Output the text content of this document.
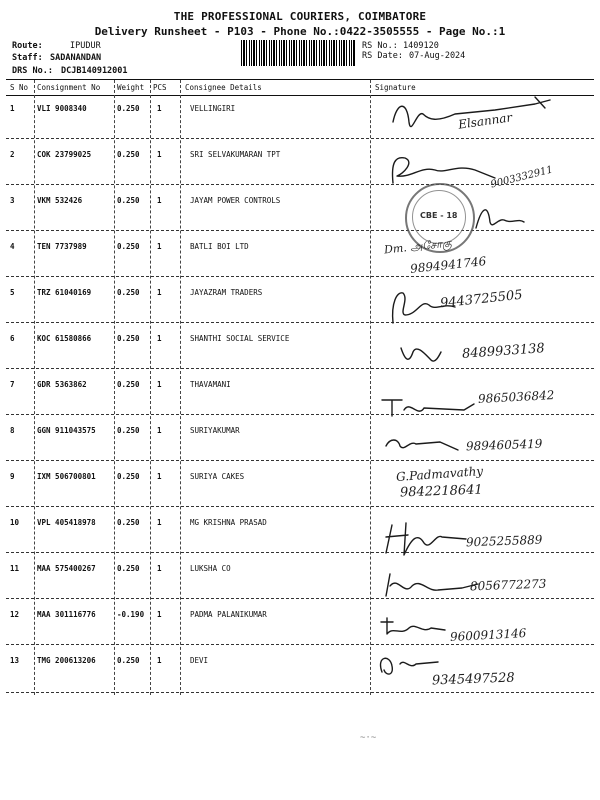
THE PROFESSIONAL COURIERS, COIMBATORE
Delivery Runsheet - P103 - Phone No.:0422-3505555 - Page No.:1
Route:	IPUDUR
Staff: SADANANDAN
DRS No.: DCJB140912001
RS No.: 1409120
RS Date: 07-Aug-2024
S No Consignment No Weight PCS Consignee Details	Signature
1	VLI 9008340	0.250 1	VELLINGIRI
2	COK 23799025	0.250 1	SRI SELVAKUMARAN TPT
3	VKM 532426	0.250 1	JAYAM POWER CONTROLS
4	TEN 7737989	0.250 1	BATLI BOI LTD
5	TRZ 61040169	0.250 1	JAYAZRAM TRADERS
6	KOC 61580866	0.250 1	SHANTHI SOCIAL SERVICE
7	GDR 5363862	0.250 1	THAVAMANI
8	GGN 911043575	0.250 1	SURIYAKUMAR
9	IXM 506700801	0.250 1	SURIYA CAKES
10 VPL 405418978	0.250 1	MG KRISHNA PRASAD
11 MAA 575400267	0.250 1	LUKSHA CO
12 MAA 301116776	-0.190 1	PADMA PALANIKUMAR
13 TMG 200613206	0.250 1	DEVI
CBE - 18
Elsannar
9003332911
Dm. அசோகு
9894941746
9443725505
8489933138
9865036842
9894605419
G.Padmavathy
9842218641
9025255889
8056772273
9600913146
9345497528
~·~
